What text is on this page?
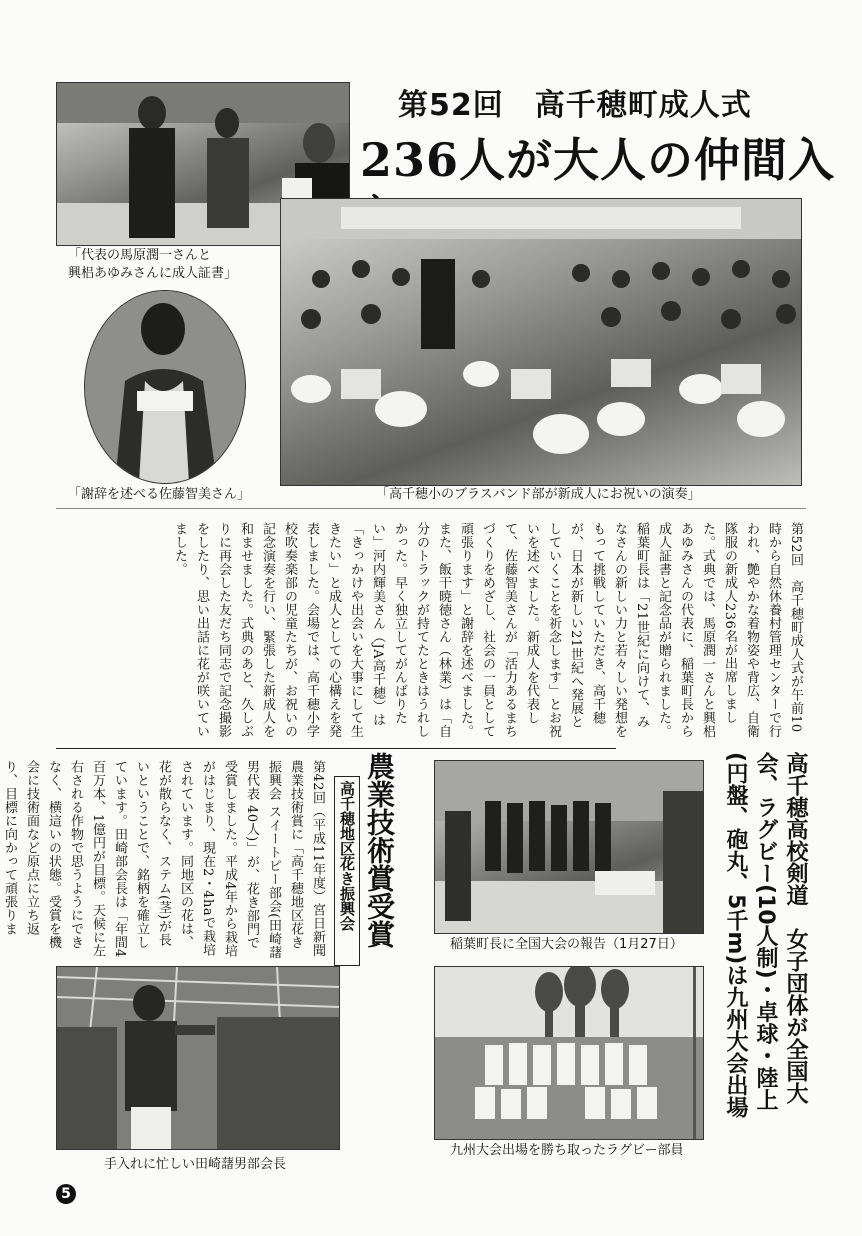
「代表の馬原潤一さんと
興梠あゆみさんに成人証書」
「謝辞を述べる佐藤智美さん」
第52回　高千穂町成人式
236人が大人の仲間入
「高千穂小のブラスバンド部が新成人にお祝いの演奏」
第52回　高千穂町成人式が午前10時から自然休養村管理センターで行われ、艶やかな着物姿や背広、自衛隊服の新成人236名が出席しました。式典では、馬原潤一さんと興梠あゆみさんの代表に、稲葉町長から成人証書と記念品が贈られました。稲葉町長は「21世紀に向けて、みなさんの新しい力と若々しい発想をもって挑戦していただき、高千穂が、日本が新しい21世紀へ発展としていくことを祈念します」とお祝いを述べました。新成人を代表して、佐藤智美さんが「活力あるまちづくりをめざし、社会の一員として頑張ります」と謝辞を述べました。また、飯干暁徳さん（林業）は「自分のトラックが持てたときはうれしかった。早く独立してがんばりたい」河内輝美さん（JA高千穂）は「きっかけや出会いを大事にして生きたい」と成人としての心構えを発表しました。会場では、高千穂小学校吹奏楽部の児童たちが、お祝いの記念演奏を行い、緊張した新成人を和ませました。式典のあと、久しぶりに再会した友だち同志で記念撮影をしたり、思い出話に花が咲いていました。
高千穂高校剣道　女子団体が全国大会、ラグビー(10人制)・卓球・陸上(円盤、砲丸、5千m)は九州大会出場
稲葉町長に全国大会の報告（1月27日）
九州大会出場を勝ち取ったラグビー部員
農業技術賞受賞
高千穂地区花き振興会
第42回（平成11年度）宮日新聞農業技術賞に「高千穂地区花き振興会 スイートピー部会(田崎藷男代表 40人)」が、花き部門で受賞しました。平成4年から栽培がはじまり、現在2・4haで栽培されています。同地区の花は、花が散らなく、ステム(茎)が長いということで、銘柄を確立しています。田崎部会長は「年間4百万本、1億円が目標。天候に左右される作物で思うようにできなく、横這いの状態。受賞を機会に技術面など原点に立ち返り、目標に向かって頑張りま
手入れに忙しい田崎藷男部会長
5
